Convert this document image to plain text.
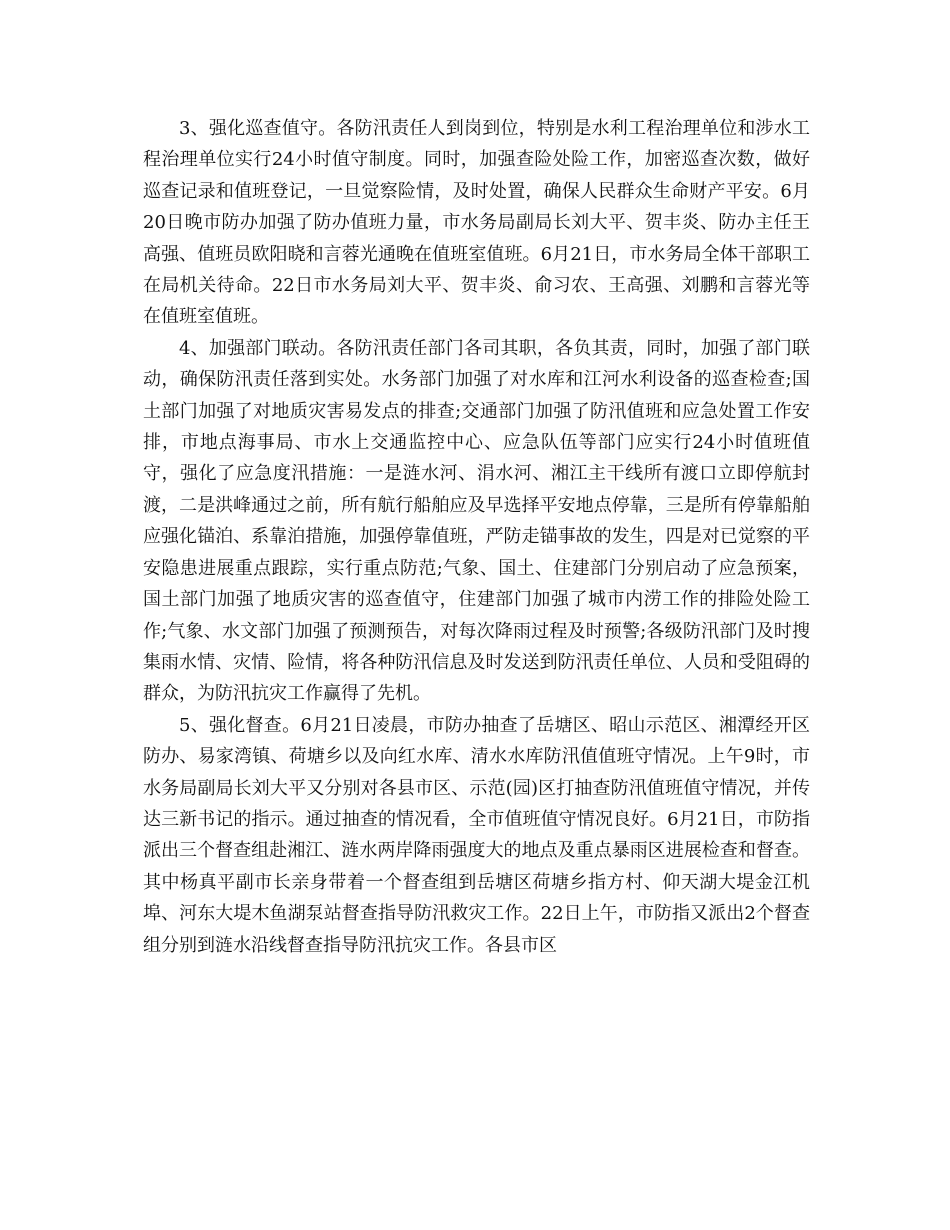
3、强化巡查值守。各防汛责任人到岗到位，特别是水利工程治理单位和涉水工程治理单位实行24小时值守制度。同时，加强查险处险工作，加密巡查次数，做好巡查记录和值班登记，一旦觉察险情，及时处置，确保人民群众生命财产平安。6月20日晚市防办加强了防办值班力量，市水务局副局长刘大平、贺丰炎、防办主任王高强、值班员欧阳晓和言蓉光通晚在值班室值班。6月21日，市水务局全体干部职工在局机关待命。22日市水务局刘大平、贺丰炎、俞习农、王高强、刘鹏和言蓉光等在值班室值班。

4、加强部门联动。各防汛责任部门各司其职，各负其责，同时，加强了部门联动，确保防汛责任落到实处。水务部门加强了对水库和江河水利设备的巡查检查;国土部门加强了对地质灾害易发点的排查;交通部门加强了防汛值班和应急处置工作安排，市地点海事局、市水上交通监控中心、应急队伍等部门应实行24小时值班值守，强化了应急度汛措施：一是涟水河、涓水河、湘江主干线所有渡口立即停航封渡，二是洪峰通过之前，所有航行船舶应及早选择平安地点停靠，三是所有停靠船舶应强化锚泊、系靠泊措施，加强停靠值班，严防走锚事故的发生，四是对已觉察的平安隐患进展重点跟踪，实行重点防范;气象、国土、住建部门分别启动了应急预案，国土部门加强了地质灾害的巡查值守，住建部门加强了城市内涝工作的排险处险工作;气象、水文部门加强了预测预告，对每次降雨过程及时预警;各级防汛部门及时搜集雨水情、灾情、险情，将各种防汛信息及时发送到防汛责任单位、人员和受阻碍的群众，为防汛抗灾工作赢得了先机。

5、强化督查。6月21日凌晨，市防办抽查了岳塘区、昭山示范区、湘潭经开区防办、易家湾镇、荷塘乡以及向红水库、清水水库防汛值值班守情况。上午9时，市水务局副局长刘大平又分别对各县市区、示范(园)区打抽查防汛值班值守情况，并传达三新书记的指示。通过抽查的情况看，全市值班值守情况良好。6月21日，市防指派出三个督查组赴湘江、涟水两岸降雨强度大的地点及重点暴雨区进展检查和督查。其中杨真平副市长亲身带着一个督查组到岳塘区荷塘乡指方村、仰天湖大堤金江机埠、河东大堤木鱼湖泵站督查指导防汛救灾工作。22日上午，市防指又派出2个督查组分别到涟水沿线督查指导防汛抗灾工作。各县市区
